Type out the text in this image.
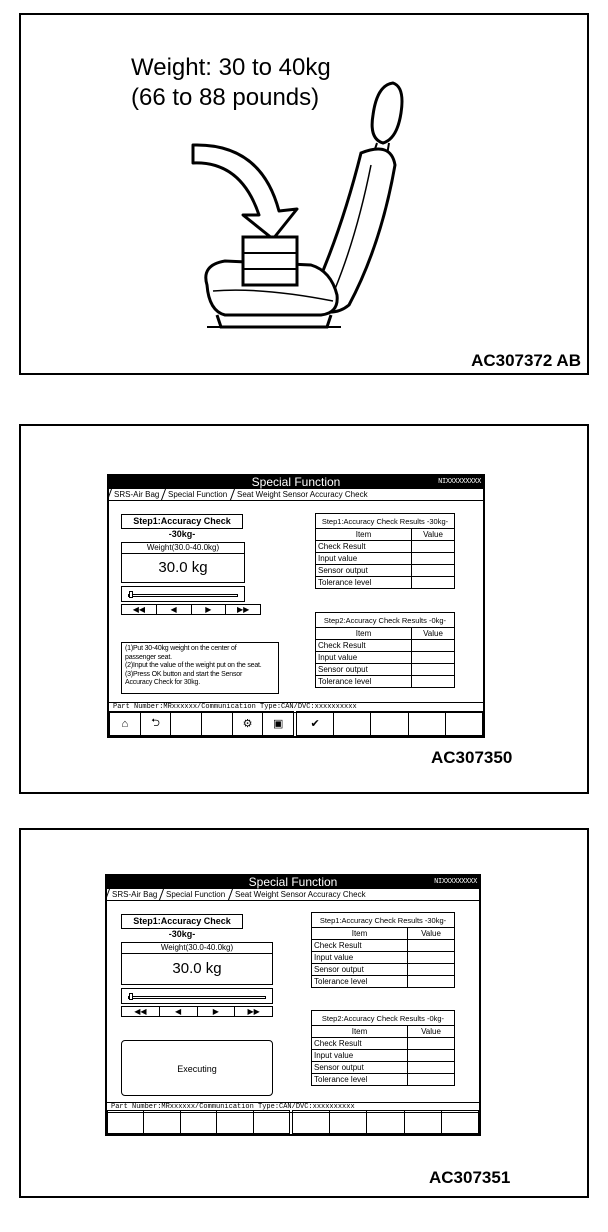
Weight: 30 to 40kg
(66 to 88 pounds)
AC307372 AB
Special Function	NIXXXXXXXXX
SRS-Air Bag Special Function Seat Weight Sensor Accuracy Check
Step1:Accuracy Check -30kg-
Weight(30.0-40.0kg)
30.0 kg
◀◀	◀	▶	▶▶
(1)Put 30-40kg weight on the center of
passenger seat.
(2)Input the value of the weight put on the seat.
(3)Press OK button and start the Sensor
Accuracy Check for 30kg.
Step1:Accuracy Check Results -30kg-	
Item	Value
Check Result	
Input value	
Sensor output	
Tolerance level	
Step2:Accuracy Check Results -0kg-	
Item	Value
Check Result	
Input value	
Sensor output	
Tolerance level	
Part Number:MRxxxxxx/Communication Type:CAN/DVC:xxxxxxxxxx
⌂ ⮌	⚙ ▣ ✔
AC307350
Special Function	NIXXXXXXXXX
SRS-Air Bag Special Function Seat Weight Sensor Accuracy Check
Step1:Accuracy Check -30kg-
Weight(30.0-40.0kg)
30.0 kg
◀◀	◀	▶	▶▶
Executing
Step1:Accuracy Check Results -30kg-	
Item	Value
Check Result	
Input value	
Sensor output	
Tolerance level	
Step2:Accuracy Check Results -0kg-	
Item	Value
Check Result	
Input value	
Sensor output	
Tolerance level	
Part Number:MRxxxxxx/Communication Type:CAN/DVC:xxxxxxxxxx
AC307351
